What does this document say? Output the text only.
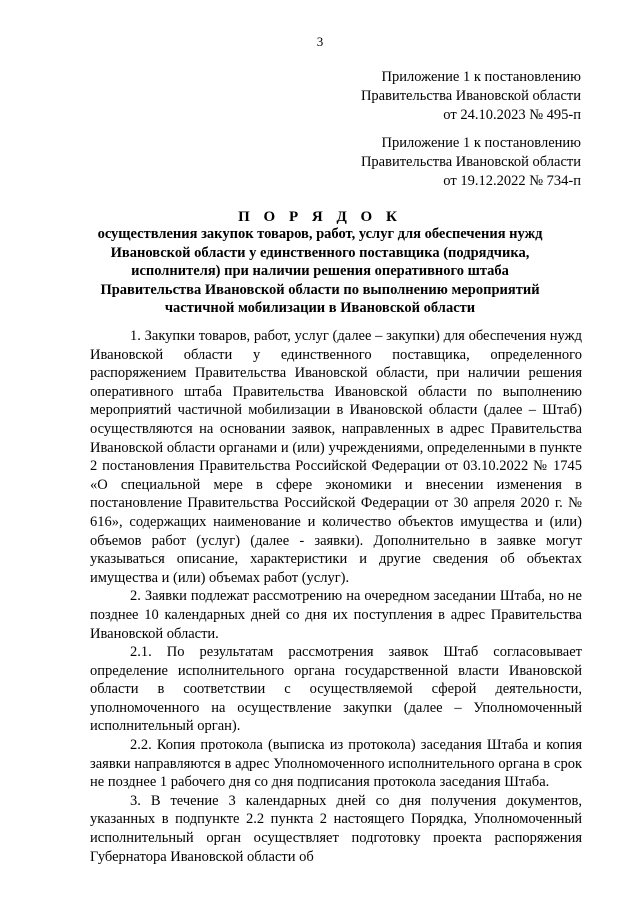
3
Приложение 1 к постановлению
Правительства Ивановской области
от 24.10.2023 № 495-п
Приложение 1 к постановлению
Правительства Ивановской области
от 19.12.2022 № 734-п
П О Р Я Д О К
осуществления закупок товаров, работ, услуг для обеспечения нужд
Ивановской области у единственного поставщика (подрядчика,
исполнителя) при наличии решения оперативного штаба
Правительства Ивановской области по выполнению мероприятий
частичной мобилизации в Ивановской области

1. Закупки товаров, работ, услуг (далее – закупки) для обеспечения нужд Ивановской области у единственного поставщика, определенного распоряжением Правительства Ивановской области, при наличии решения оперативного штаба Правительства Ивановской области по выполнению мероприятий частичной мобилизации в Ивановской области (далее – Штаб) осуществляются на основании заявок, направленных в адрес Правительства Ивановской области органами и (или) учреждениями, определенными в пункте 2 постановления Правительства Российской Федерации от 03.10.2022 № 1745 «О специальной мере в сфере экономики и внесении изменения в постановление Правительства Российской Федерации от 30 апреля 2020 г. № 616», содержащих наименование и количество объектов имущества и (или) объемов работ (услуг) (далее - заявки). Дополнительно в заявке могут указываться описание, характеристики и другие сведения об объектах имущества и (или) объемах работ (услуг).

2. Заявки подлежат рассмотрению на очередном заседании Штаба, но не позднее 10 календарных дней со дня их поступления в адрес Правительства Ивановской области.

2.1. По результатам рассмотрения заявок Штаб согласовывает определение исполнительного органа государственной власти Ивановской области в соответствии с осуществляемой сферой деятельности, уполномоченного на осуществление закупки (далее – Уполномоченный исполнительный орган).

2.2. Копия протокола (выписка из протокола) заседания Штаба и копия заявки направляются в адрес Уполномоченного исполнительного органа в срок не позднее 1 рабочего дня со дня подписания протокола заседания Штаба.

3. В течение 3 календарных дней со дня получения документов, указанных в подпункте 2.2 пункта 2 настоящего Порядка, Уполномоченный исполнительный орган осуществляет подготовку проекта распоряжения Губернатора Ивановской области об
